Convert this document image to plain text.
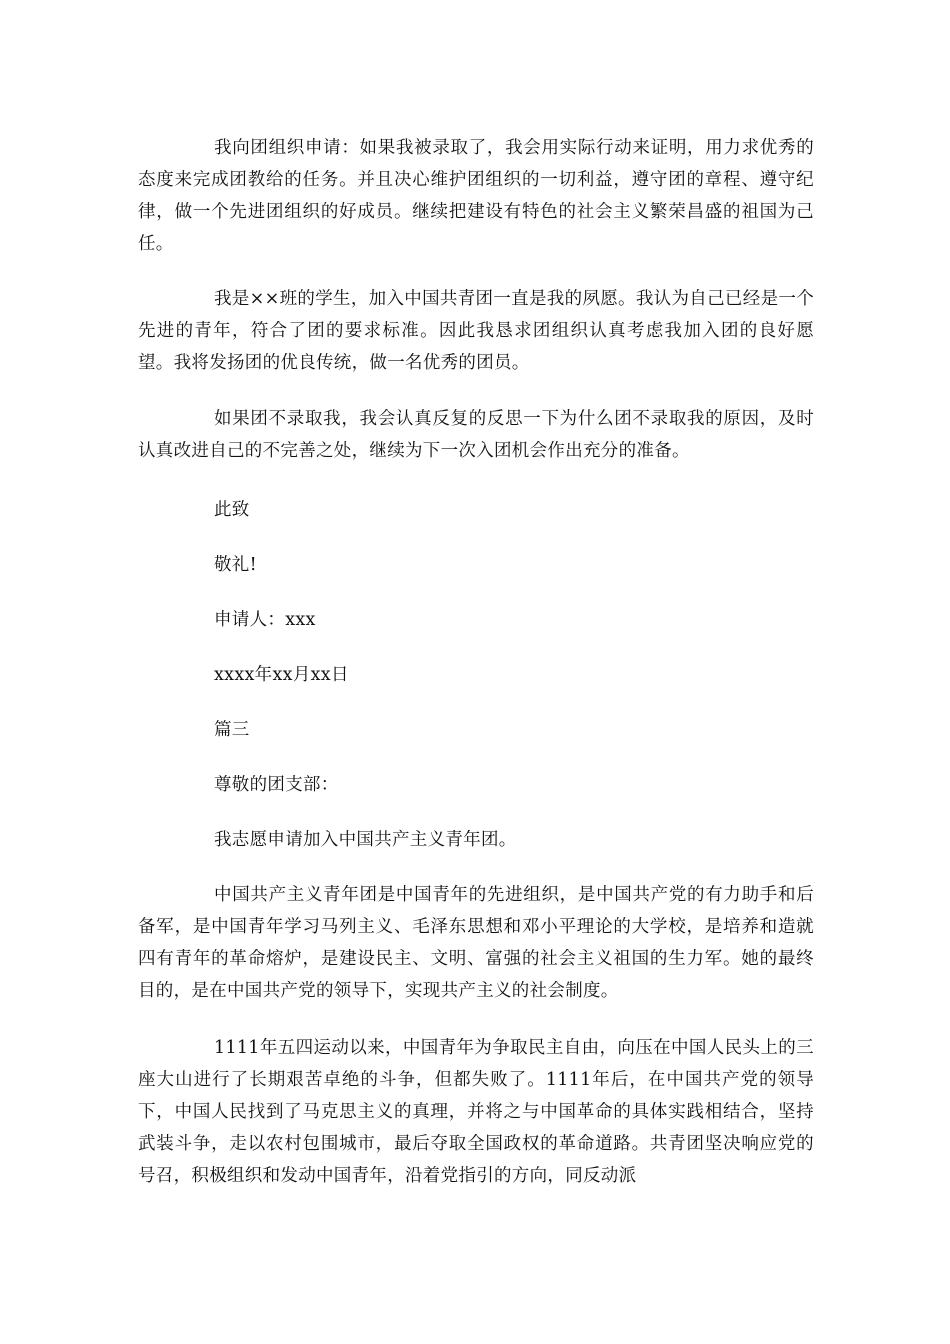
我向团组织申请：如果我被录取了，我会用实际行动来证明，用力求优秀的态度来完成团教给的任务。并且决心维护团组织的一切利益，遵守团的章程、遵守纪律，做一个先进团组织的好成员。继续把建设有特色的社会主义繁荣昌盛的祖国为己任。

我是××班的学生，加入中国共青团一直是我的夙愿。我认为自己已经是一个先进的青年，符合了团的要求标准。因此我恳求团组织认真考虑我加入团的良好愿望。我将发扬团的优良传统，做一名优秀的团员。

如果团不录取我，我会认真反复的反思一下为什么团不录取我的原因，及时认真改进自己的不完善之处，继续为下一次入团机会作出充分的准备。

此致

敬礼!

申请人：xxx

xxxx年xx月xx日

篇三

尊敬的团支部：

我志愿申请加入中国共产主义青年团。

中国共产主义青年团是中国青年的先进组织，是中国共产党的有力助手和后备军，是中国青年学习马列主义、毛泽东思想和邓小平理论的大学校，是培养和造就四有青年的革命熔炉，是建设民主、文明、富强的社会主义祖国的生力军。她的最终目的，是在中国共产党的领导下，实现共产主义的社会制度。

1111年五四运动以来，中国青年为争取民主自由，向压在中国人民头上的三座大山进行了长期艰苦卓绝的斗争，但都失败了。1111年后，在中国共产党的领导下，中国人民找到了马克思主义的真理，并将之与中国革命的具体实践相结合，坚持武装斗争，走以农村包围城市，最后夺取全国政权的革命道路。共青团坚决响应党的号召，积极组织和发动中国青年，沿着党指引的方向，同反动派
